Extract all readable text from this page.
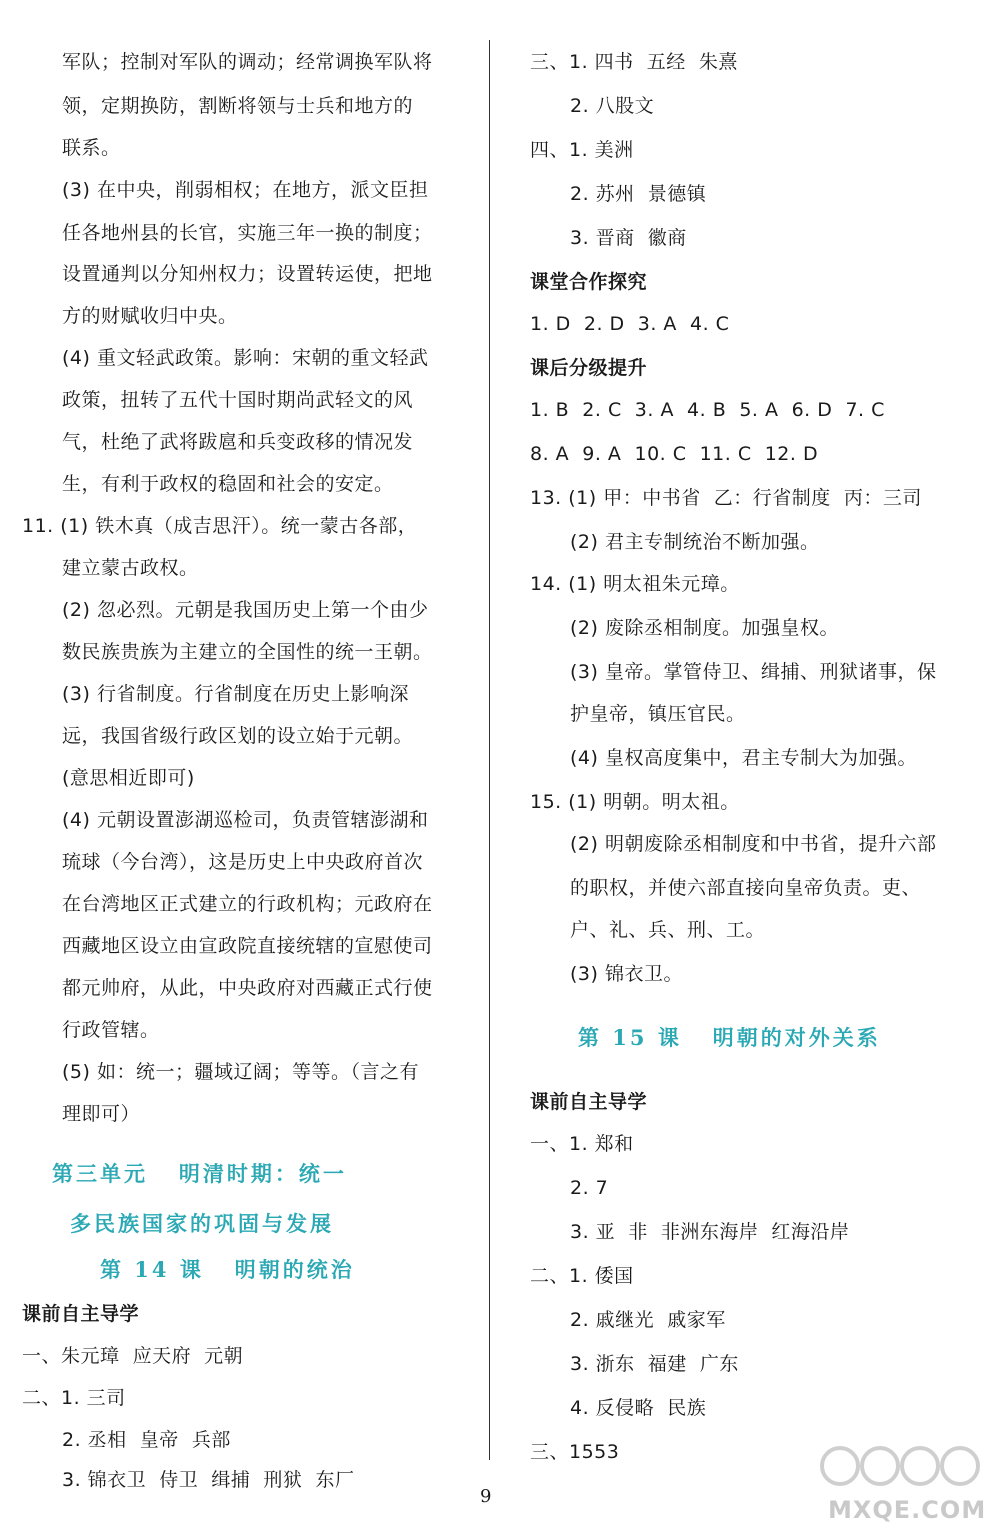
军队；控制对军队的调动；经常调换军队将
领，定期换防，割断将领与士兵和地方的
联系。
(3) 在中央，削弱相权；在地方，派文臣担
任各地州县的长官，实施三年一换的制度；
设置通判以分知州权力；设置转运使，把地
方的财赋收归中央。
(4) 重文轻武政策。影响：宋朝的重文轻武
政策，扭转了五代十国时期尚武轻文的风
气，杜绝了武将跋扈和兵变政移的情况发
生，有利于政权的稳固和社会的安定。
11. (1) 铁木真（成吉思汗）。统一蒙古各部，
建立蒙古政权。
(2) 忽必烈。元朝是我国历史上第一个由少
数民族贵族为主建立的全国性的统一王朝。
(3) 行省制度。行省制度在历史上影响深
远，我国省级行政区划的设立始于元朝。
(意思相近即可)
(4) 元朝设置澎湖巡检司，负责管辖澎湖和
琉球（今台湾），这是历史上中央政府首次
在台湾地区正式建立的行政机构；元政府在
西藏地区设立由宣政院直接统辖的宣慰使司
都元帅府，从此，中央政府对西藏正式行使
行政管辖。
(5) 如：统一；疆域辽阔；等等。（言之有
理即可）
课前自主导学
一、朱元璋  应天府  元朝
二、1. 三司
2. 丞相  皇帝  兵部
3. 锦衣卫  侍卫  缉捕  刑狱  东厂
第三单元   明清时期：统一
多民族国家的巩固与发展
第 14 课   明朝的统治
三、1. 四书  五经  朱熹
2. 八股文
四、1. 美洲
2. 苏州  景德镇
3. 晋商  徽商
课堂合作探究
1. D  2. D  3. A  4. C
课后分级提升
1. B  2. C  3. A  4. B  5. A  6. D  7. C
8. A  9. A  10. C  11. C  12. D
13. (1) 甲：中书省  乙：行省制度  丙：三司
(2) 君主专制统治不断加强。
14. (1) 明太祖朱元璋。
(2) 废除丞相制度。加强皇权。
(3) 皇帝。掌管侍卫、缉捕、刑狱诸事，保
护皇帝，镇压官民。
(4) 皇权高度集中，君主专制大为加强。
15. (1) 明朝。明太祖。
(2) 明朝废除丞相制度和中书省，提升六部
的职权，并使六部直接向皇帝负责。吏、
户、礼、兵、刑、工。
(3) 锦衣卫。
课前自主导学
一、1. 郑和
2. 7
3. 亚  非  非洲东海岸  红海沿岸
二、1. 倭国
2. 戚继光  戚家军
3. 浙东  福建  广东
4. 反侵略  民族
三、1553
第 15 课   明朝的对外关系
9	MXQE.COM
